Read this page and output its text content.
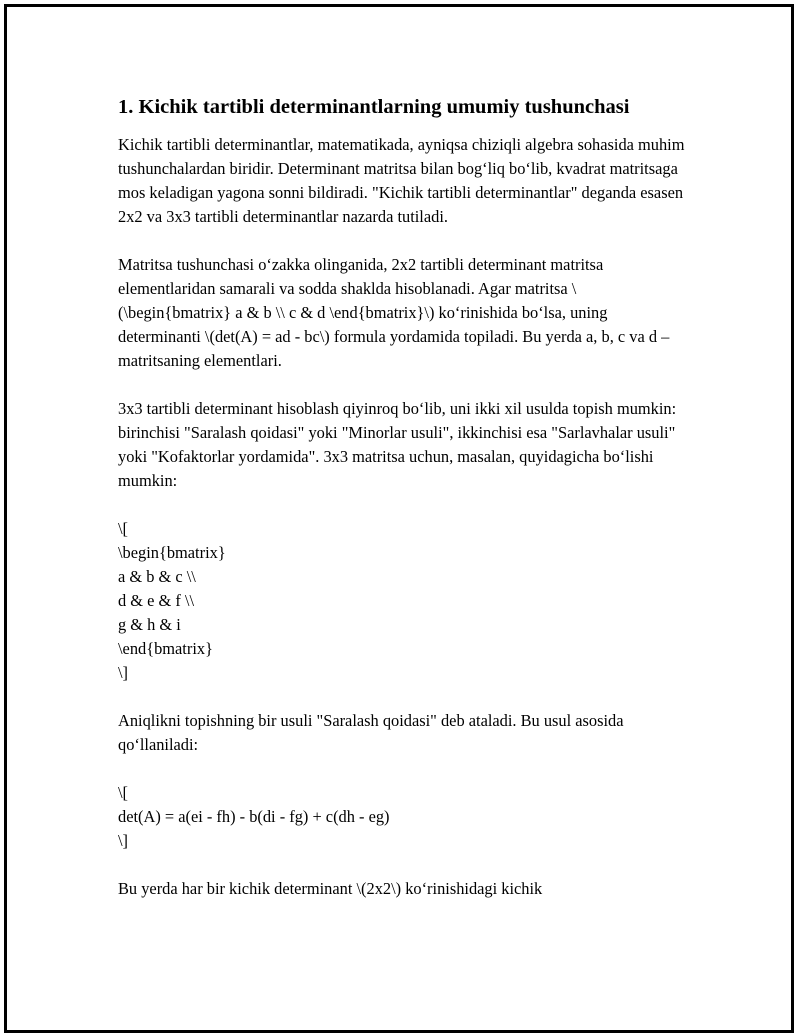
1. Kichik tartibli determinantlarning umumiy tushunchasi

Kichik tartibli determinantlar, matematikada, ayniqsa chiziqli algebra sohasida muhim tushunchalardan biridir. Determinant matritsa bilan bog‘liq bo‘lib, kvadrat matritsaga mos keladigan yagona sonni bildiradi. "Kichik tartibli determinantlar" deganda esasen 2x2 va 3x3 tartibli determinantlar nazarda tutiladi.

Matritsa tushunchasi o‘zakka olinganida, 2x2 tartibli determinant matritsa elementlaridan samarali va sodda shaklda hisoblanadi. Agar matritsa \(\begin{bmatrix} a & b \\ c & d \end{bmatrix}\) ko‘rinishida bo‘lsa, uning determinanti \(det(A) = ad - bc\) formula yordamida topiladi. Bu yerda a, b, c va d – matritsaning elementlari.

3x3 tartibli determinant hisoblash qiyinroq bo‘lib, uni ikki xil usulda topish mumkin: birinchisi "Saralash qoidasi" yoki "Minorlar usuli", ikkinchisi esa "Sarlavhalar usuli" yoki "Kofaktorlar yordamida". 3x3 matritsa uchun, masalan, quyidagicha bo‘lishi mumkin:

\[
\begin{bmatrix}
a & b & c \\
d & e & f \\
g & h & i
\end{bmatrix}
\]

Aniqlikni topishning bir usuli "Saralash qoidasi" deb ataladi. Bu usul asosida qo‘llaniladi:

\[
det(A) = a(ei - fh) - b(di - fg) + c(dh - eg)
\]

Bu yerda har bir kichik determinant \(2x2\) ko‘rinishidagi kichik
